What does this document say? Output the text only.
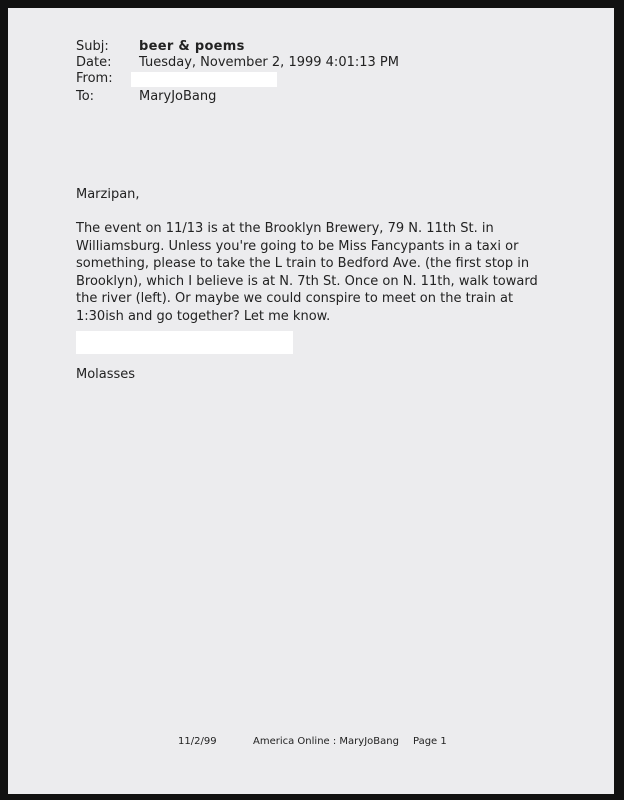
Subj: beer & poems
Date: Tuesday, November 2, 1999 4:01:13 PM
From:
To:	MaryJoBang
Marzipan,
The event on 11/13 is at the Brooklyn Brewery, 79 N. 11th St. in
Williamsburg. Unless you're going to be Miss Fancypants in a taxi or
something, please to take the L train to Bedford Ave. (the first stop in
Brooklyn), which I believe is at N. 7th St. Once on N. 11th, walk toward
the river (left). Or maybe we could conspire to meet on the train at
1:30ish and go together? Let me know.
Molasses
11/2/99	America Online : MaryJoBang Page 1
